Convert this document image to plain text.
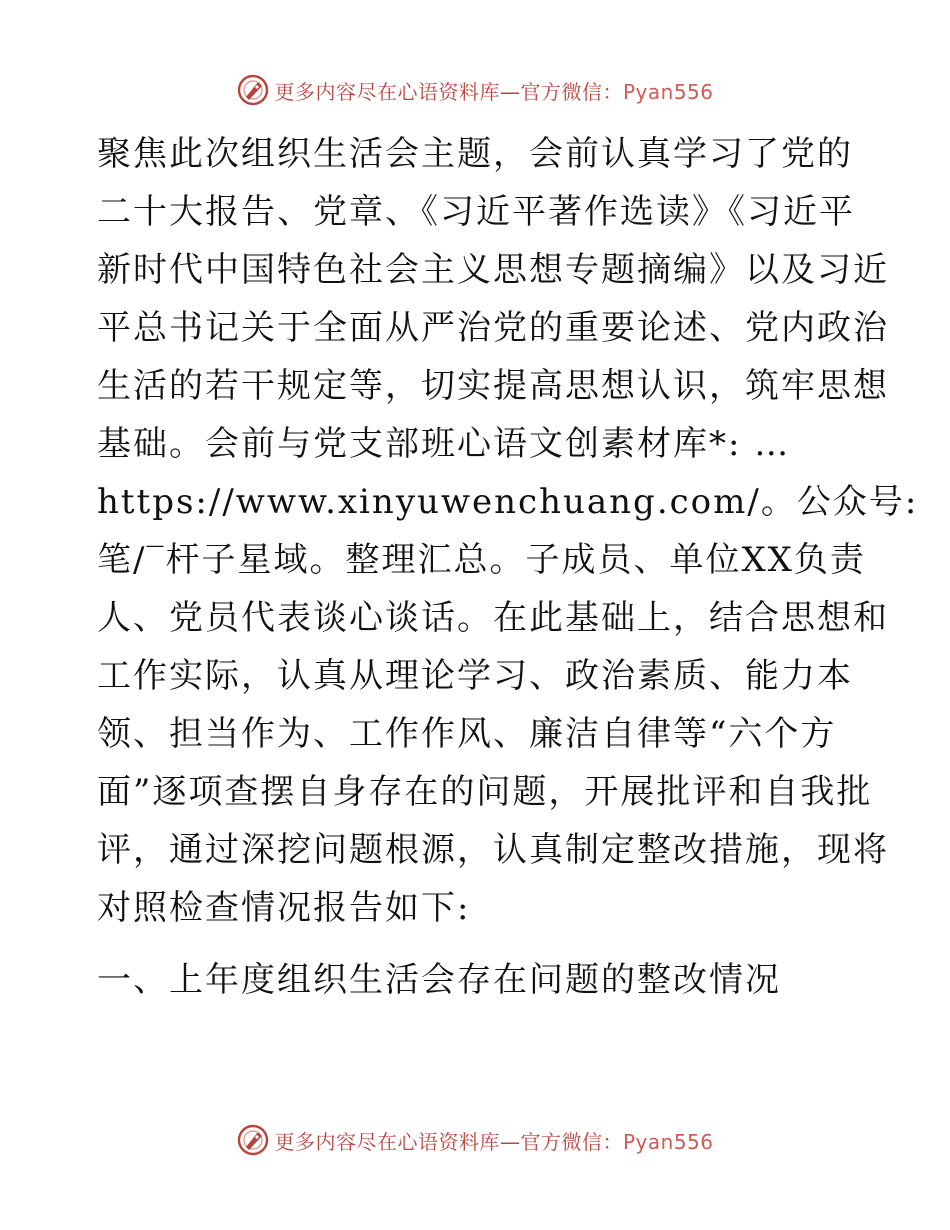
更多内容尽在心语资料库—官方微信：Pyan556

聚焦此次组织生活会主题，会前认真学习了党的
二十大报告、党章、《习近平著作选读》《习近平
新时代中国特色社会主义思想专题摘编》以及习近
平总书记关于全面从严治党的重要论述、党内政治
生活的若干规定等，切实提高思想认识，筑牢思想
基础。会前与党支部班心语文创素材库*: …
https://www.xinyuwenchuang.com/。公众号:
笔/‾杆子星域。整理汇总。子成员、单位XX负责
人、党员代表谈心谈话。在此基础上，结合思想和
工作实际，认真从理论学习、政治素质、能力本
领、担当作为、工作作风、廉洁自律等“六个方
面”逐项查摆自身存在的问题，开展批评和自我批
评，通过深挖问题根源，认真制定整改措施，现将
对照检查情况报告如下:

一、上年度组织生活会存在问题的整改情况

更多内容尽在心语资料库—官方微信：Pyan556
